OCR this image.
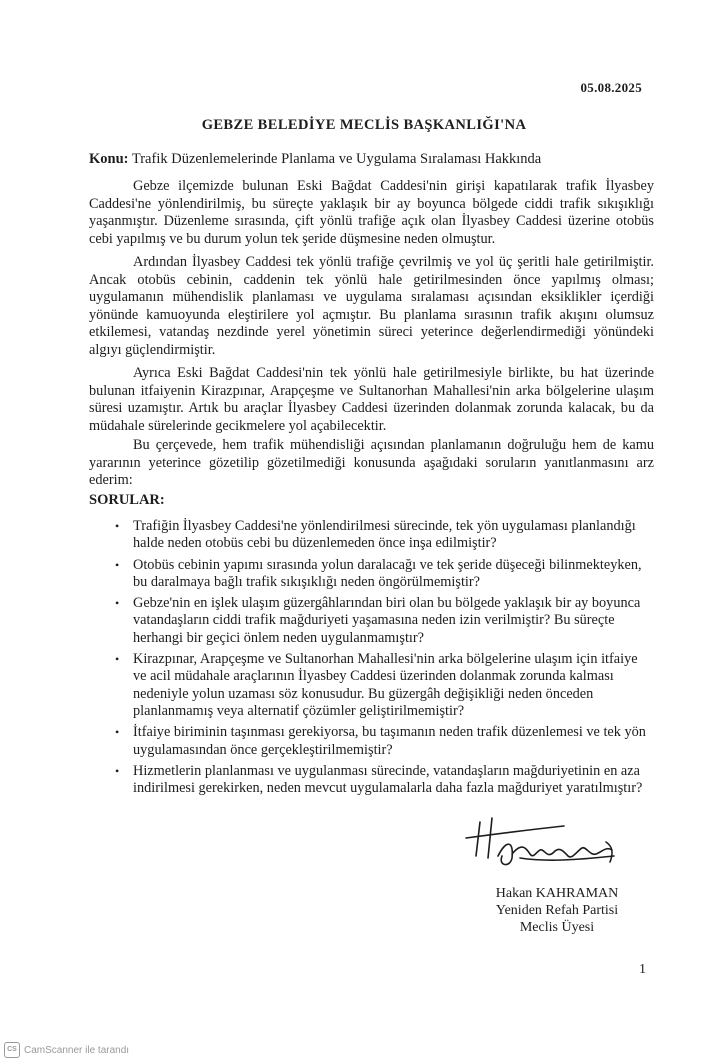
05.08.2025
GEBZE BELEDİYE MECLİS BAŞKANLIĞI'NA
Konu: Trafik Düzenlemelerinde Planlama ve Uygulama Sıralaması Hakkında

Gebze ilçemizde bulunan Eski Bağdat Caddesi'nin girişi kapatılarak trafik İlyasbey Caddesi'ne yönlendirilmiş, bu süreçte yaklaşık bir ay boyunca bölgede ciddi trafik sıkışıklığı yaşanmıştır. Düzenleme sırasında, çift yönlü trafiğe açık olan İlyasbey Caddesi üzerine otobüs cebi yapılmış ve bu durum yolun tek şeride düşmesine neden olmuştur.

Ardından İlyasbey Caddesi tek yönlü trafiğe çevrilmiş ve yol üç şeritli hale getirilmiştir. Ancak otobüs cebinin, caddenin tek yönlü hale getirilmesinden önce yapılmış olması; uygulamanın mühendislik planlaması ve uygulama sıralaması açısından eksiklikler içerdiği yönünde kamuoyunda eleştirilere yol açmıştır. Bu planlama sırasının trafik akışını olumsuz etkilemesi, vatandaş nezdinde yerel yönetimin süreci yeterince değerlendirmediği yönündeki algıyı güçlendirmiştir.

Ayrıca Eski Bağdat Caddesi'nin tek yönlü hale getirilmesiyle birlikte, bu hat üzerinde bulunan itfaiyenin Kirazpınar, Arapçeşme ve Sultanorhan Mahallesi'nin arka bölgelerine ulaşım süresi uzamıştır. Artık bu araçlar İlyasbey Caddesi üzerinden dolanmak zorunda kalacak, bu da müdahale sürelerinde gecikmelere yol açabilecektir.

Bu çerçevede, hem trafik mühendisliği açısından planlamanın doğruluğu hem de kamu yararının yeterince gözetilip gözetilmediği konusunda aşağıdaki soruların yanıtlanmasını arz ederim:

SORULAR:
• Trafiğin İlyasbey Caddesi'ne yönlendirilmesi sürecinde, tek yön uygulaması planlandığı halde neden otobüs cebi bu düzenlemeden önce inşa edilmiştir?
• Otobüs cebinin yapımı sırasında yolun daralacağı ve tek şeride düşeceği bilinmekteyken, bu daralmaya bağlı trafik sıkışıklığı neden öngörülmemiştir?
• Gebze'nin en işlek ulaşım güzergâhlarından biri olan bu bölgede yaklaşık bir ay boyunca vatandaşların ciddi trafik mağduriyeti yaşamasına neden izin verilmiştir? Bu süreçte herhangi bir geçici önlem neden uygulanmamıştır?
• Kirazpınar, Arapçeşme ve Sultanorhan Mahallesi'nin arka bölgelerine ulaşım için itfaiye ve acil müdahale araçlarının İlyasbey Caddesi üzerinden dolanmak zorunda kalması nedeniyle yolun uzaması söz konusudur. Bu güzergâh değişikliği neden önceden planlanmamış veya alternatif çözümler geliştirilmemiştir?
• İtfaiye biriminin taşınması gerekiyorsa, bu taşımanın neden trafik düzenlemesi ve tek yön uygulamasından önce gerçekleştirilmemiştir?
• Hizmetlerin planlanması ve uygulanması sürecinde, vatandaşların mağduriyetinin en aza indirilmesi gerekirken, neden mevcut uygulamalarla daha fazla mağduriyet yaratılmıştır?
Hakan KAHRAMAN
Yeniden Refah Partisi
Meclis Üyesi
1
CS CamScanner ile tarandı
